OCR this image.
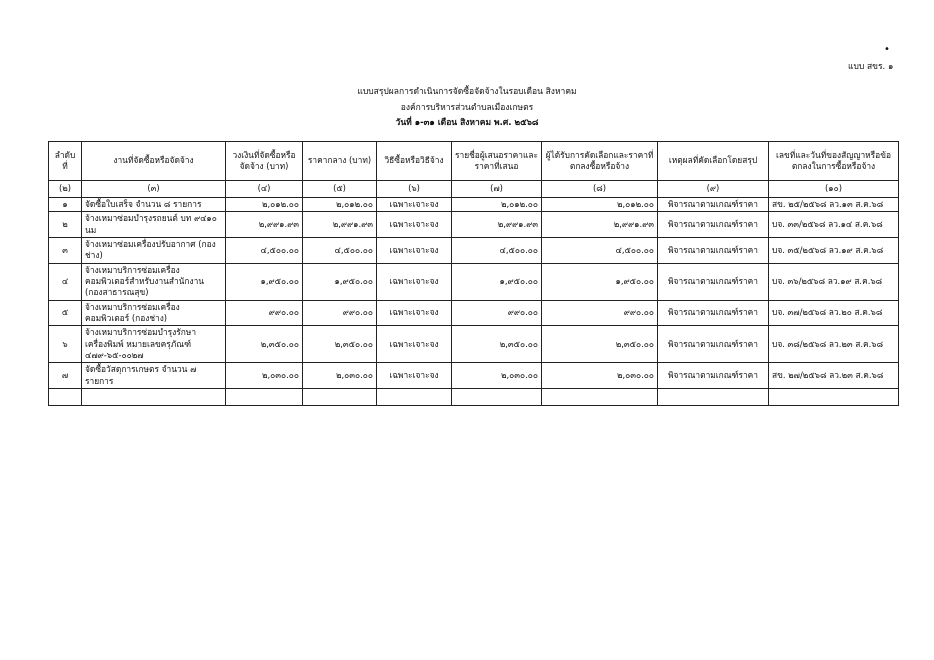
•
แบบ สขร. ๑
แบบสรุปผลการดำเนินการจัดซื้อจัดจ้างในรอบเดือน สิงหาคม
องค์การบริหารส่วนตำบลเมืองเกษตร
วันที่ ๑-๓๑ เดือน สิงหาคม พ.ศ. ๒๕๖๘
ลำดับที่	งานที่จัดซื้อหรือจัดจ้าง	วงเงินที่จัดซื้อหรือจัดจ้าง (บาท)	ราคากลาง (บาท)	วิธีซื้อหรือวิธีจ้าง	รายชื่อผู้เสนอราคาและราคาที่เสนอ	ผู้ได้รับการคัดเลือกและราคาที่ตกลงซื้อหรือจ้าง	เหตุผลที่คัดเลือกโดยสรุป	เลขที่และวันที่ของสัญญาหรือข้อตกลงในการซื้อหรือจ้าง
(๒)	(๓)	(๔)	(๕)	(๖)	(๗)	(๘)	(๙)	(๑๐)
๑	จัดซื้อใบเสร็จ จำนวน ๘ รายการ	๒,๐๑๒.๐๐	๒,๐๑๒.๐๐	เฉพาะเจาะจง	๒,๐๑๒.๐๐	๒,๐๑๒.๐๐	พิจารณาตามเกณฑ์ราคา	สข. ๒๕/๒๕๖๘ ลว.๑๓ ส.ค.๖๘
๒	จ้างเหมาซ่อมบำรุงรถยนต์ บท ๙๔๑๐ นม	๒,๙๙๑.๙๓	๒,๙๙๑.๙๓	เฉพาะเจาะจง	๒,๙๙๑.๙๓	๒,๙๙๑.๙๓	พิจารณาตามเกณฑ์ราคา	บจ. ๓๓/๒๕๖๘ ลว.๑๔ ส.ค.๖๘
๓	จ้างเหมาซ่อมเครื่องปรับอากาศ (กองช่าง)	๔,๕๐๐.๐๐	๔,๕๐๐.๐๐	เฉพาะเจาะจง	๔,๕๐๐.๐๐	๔,๕๐๐.๐๐	พิจารณาตามเกณฑ์ราคา	บจ. ๓๕/๒๕๖๘ ลว.๑๙ ส.ค.๖๘
๔	จ้างเหมาบริการซ่อมเครื่องคอมพิวเตอร์สำหรับงานสำนักงาน (กองสาธารณสุข)	๑,๙๕๐.๐๐	๑,๙๕๐.๐๐	เฉพาะเจาะจง	๑,๙๕๐.๐๐	๑,๙๕๐.๐๐	พิจารณาตามเกณฑ์ราคา	บจ. ๓๖/๒๕๖๘ ลว.๑๙ ส.ค.๖๘
๕	จ้างเหมาบริการซ่อมเครื่องคอมพิวเตอร์ (กองช่าง)	๙๙๐.๐๐	๙๙๐.๐๐	เฉพาะเจาะจง	๙๙๐.๐๐	๙๙๐.๐๐	พิจารณาตามเกณฑ์ราคา	บจ. ๓๗/๒๕๖๘ ลว.๒๐ ส.ค.๖๘
๖	จ้างเหมาบริการซ่อมบำรุงรักษาเครื่องพิมพ์ หมายเลขครุภัณฑ์ ๔๗๙-๖๕-๐๐๒๗	๒,๓๕๐.๐๐	๒,๓๕๐.๐๐	เฉพาะเจาะจง	๒,๓๕๐.๐๐	๒,๓๕๐.๐๐	พิจารณาตามเกณฑ์ราคา	บจ. ๓๘/๒๕๖๘ ลว.๒๓ ส.ค.๖๘
๗	จัดซื้อวัสดุการเกษตร จำนวน ๗ รายการ	๒,๐๓๐.๐๐	๒,๐๓๐.๐๐	เฉพาะเจาะจง	๒,๐๓๐.๐๐	๒,๐๓๐.๐๐	พิจารณาตามเกณฑ์ราคา	สข. ๒๗/๒๕๖๘ ลว.๒๓ ส.ค.๖๘
